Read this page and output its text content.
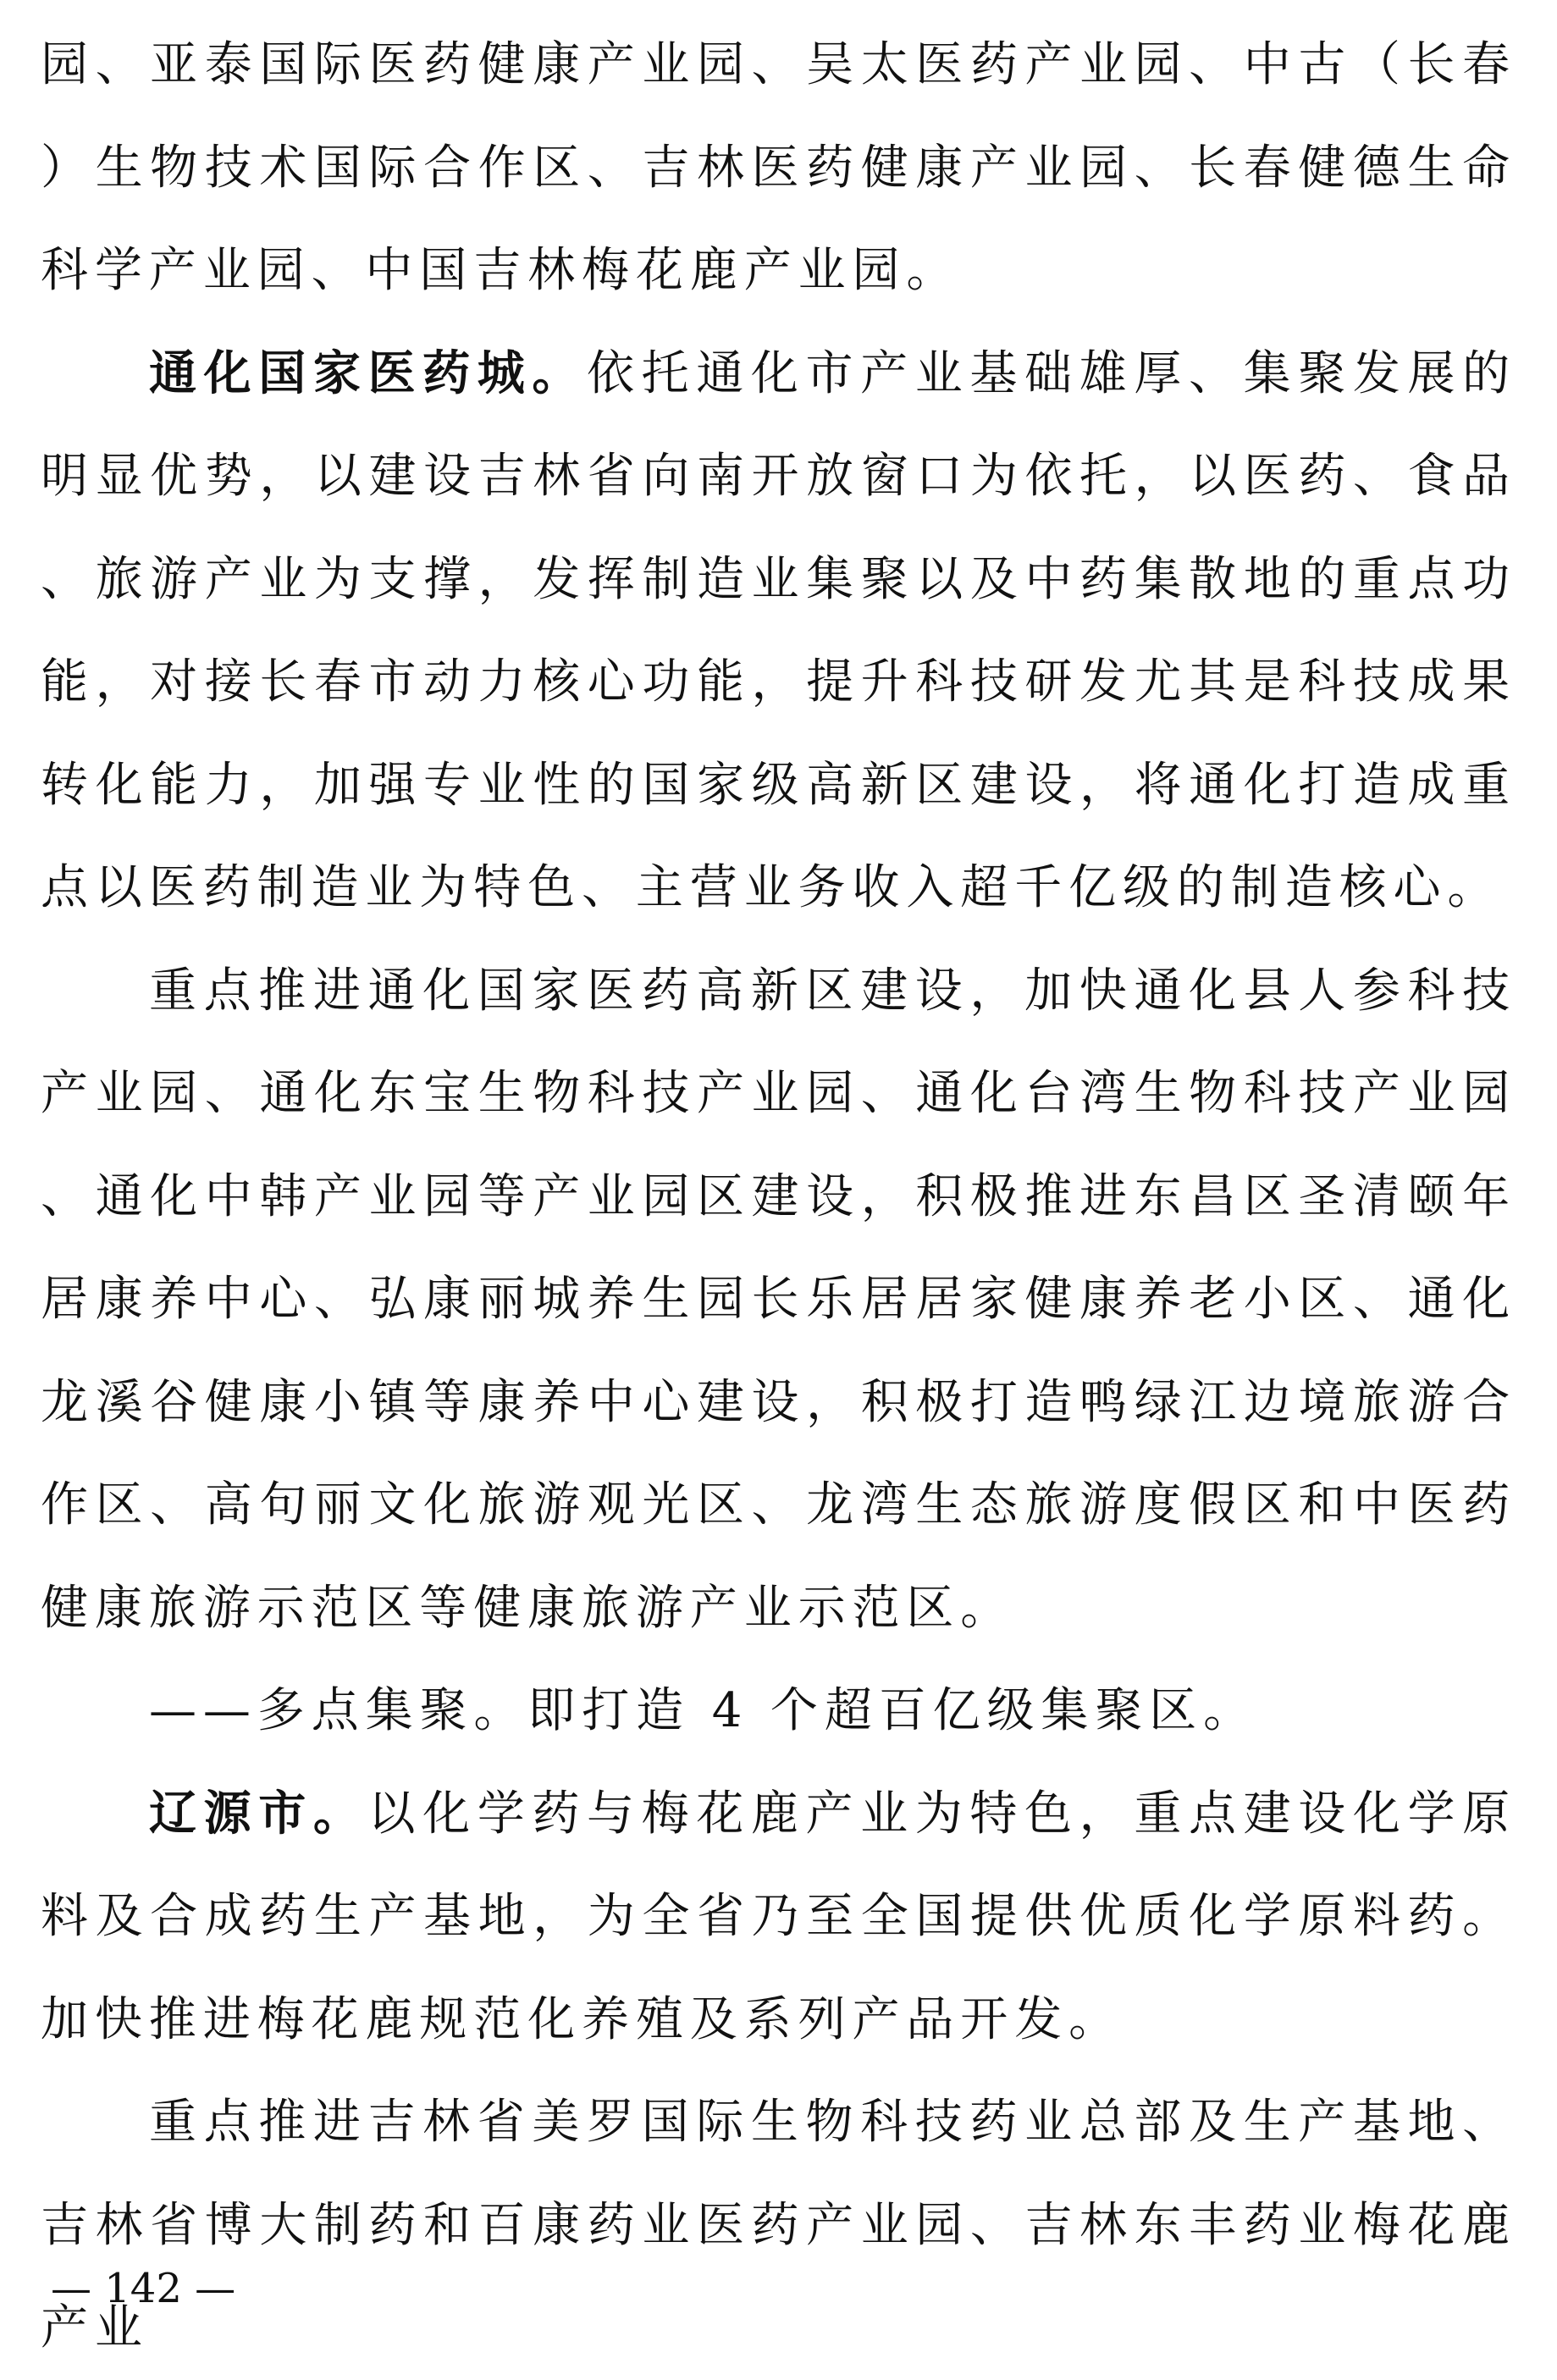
园、亚泰国际医药健康产业园、吴太医药产业园、中古（长春）生物技术国际合作区、吉林医药健康产业园、长春健德生命科学产业园、中国吉林梅花鹿产业园。

通化国家医药城。依托通化市产业基础雄厚、集聚发展的明显优势，以建设吉林省向南开放窗口为依托，以医药、食品、旅游产业为支撑，发挥制造业集聚以及中药集散地的重点功能，对接长春市动力核心功能，提升科技研发尤其是科技成果转化能力，加强专业性的国家级高新区建设，将通化打造成重点以医药制造业为特色、主营业务收入超千亿级的制造核心。

重点推进通化国家医药高新区建设，加快通化县人参科技产业园、通化东宝生物科技产业园、通化台湾生物科技产业园、通化中韩产业园等产业园区建设，积极推进东昌区圣清颐年居康养中心、弘康丽城养生园长乐居居家健康养老小区、通化龙溪谷健康小镇等康养中心建设，积极打造鸭绿江边境旅游合作区、高句丽文化旅游观光区、龙湾生态旅游度假区和中医药健康旅游示范区等健康旅游产业示范区。

——多点集聚。即打造 4 个超百亿级集聚区。

辽源市。以化学药与梅花鹿产业为特色，重点建设化学原料及合成药生产基地，为全省乃至全国提供优质化学原料药。加快推进梅花鹿规范化养殖及系列产品开发。

重点推进吉林省美罗国际生物科技药业总部及生产基地、吉林省博大制药和百康药业医药产业园、吉林东丰药业梅花鹿产业

— 142 —
